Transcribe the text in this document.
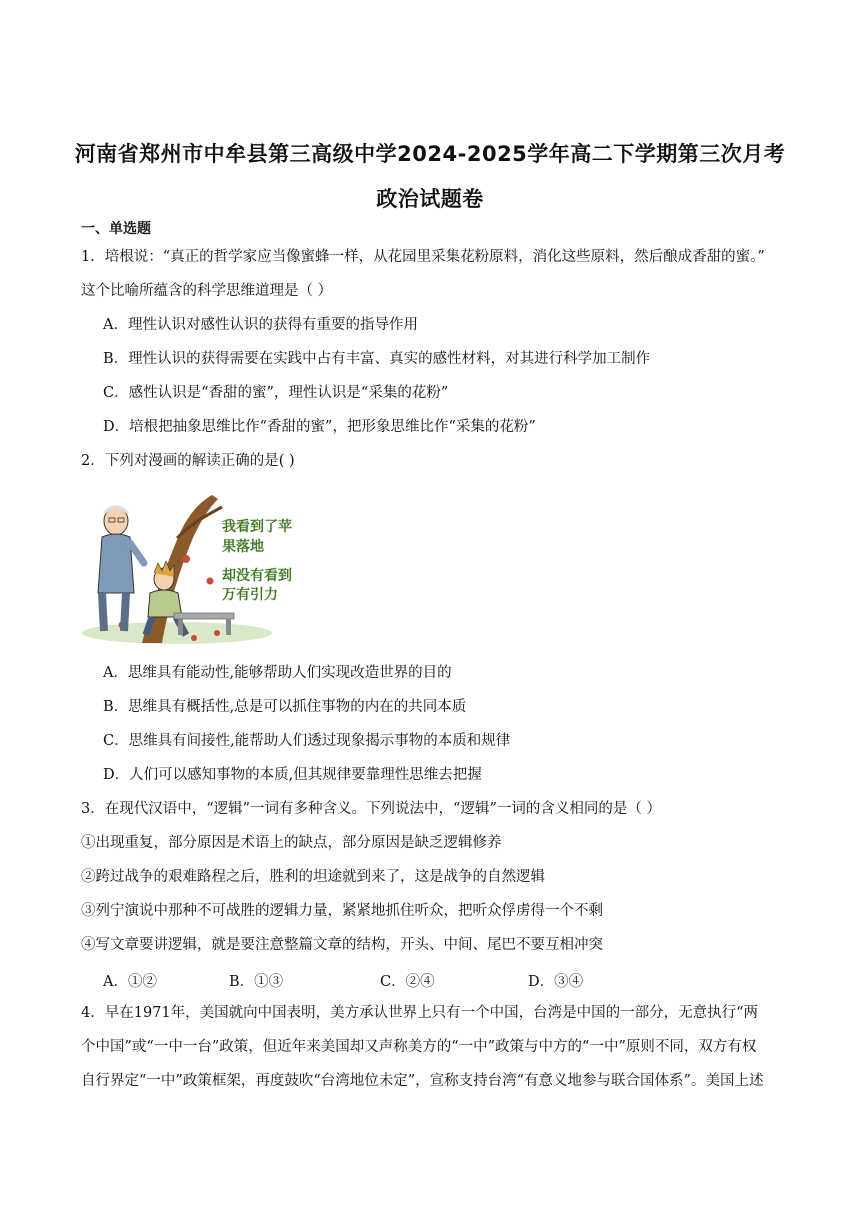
河南省郑州市中牟县第三高级中学2024-2025学年高二下学期第三次月考
政治试题卷
一、单选题
1．培根说：“真正的哲学家应当像蜜蜂一样，从花园里采集花粉原料，消化这些原料，然后酿成香甜的蜜。”
这个比喻所蕴含的科学思维道理是（ ）
A．理性认识对感性认识的获得有重要的指导作用
B．理性认识的获得需要在实践中占有丰富、真实的感性材料，对其进行科学加工制作
C．感性认识是“香甜的蜜”，理性认识是“采集的花粉”
D．培根把抽象思维比作“香甜的蜜”，把形象思维比作“采集的花粉”
2．下列对漫画的解读正确的是( )
我看到了苹
果落地
却没有看到
万有引力
A．思维具有能动性,能够帮助人们实现改造世界的目的
B．思维具有概括性,总是可以抓住事物的内在的共同本质
C．思维具有间接性,能帮助人们透过现象揭示事物的本质和规律
D．人们可以感知事物的本质,但其规律要靠理性思维去把握
3．在现代汉语中，“逻辑”一词有多种含义。下列说法中，“逻辑”一词的含义相同的是（ ）
①出现重复，部分原因是术语上的缺点，部分原因是缺乏逻辑修养
②跨过战争的艰难路程之后，胜利的坦途就到来了，这是战争的自然逻辑
③列宁演说中那种不可战胜的逻辑力量，紧紧地抓住听众，把听众俘虏得一个不剩
④写文章要讲逻辑，就是要注意整篇文章的结构，开头、中间、尾巴不要互相冲突
A．①②	B．①③	C．②④	D．③④
4．早在1971年，美国就向中国表明，美方承认世界上只有一个中国，台湾是中国的一部分，无意执行“两
个中国”或“一中一台”政策，但近年来美国却又声称美方的“一中”政策与中方的“一中”原则不同，双方有权
自行界定“一中”政策框架，再度鼓吹“台湾地位未定”，宣称支持台湾“有意义地参与联合国体系”。美国上述
